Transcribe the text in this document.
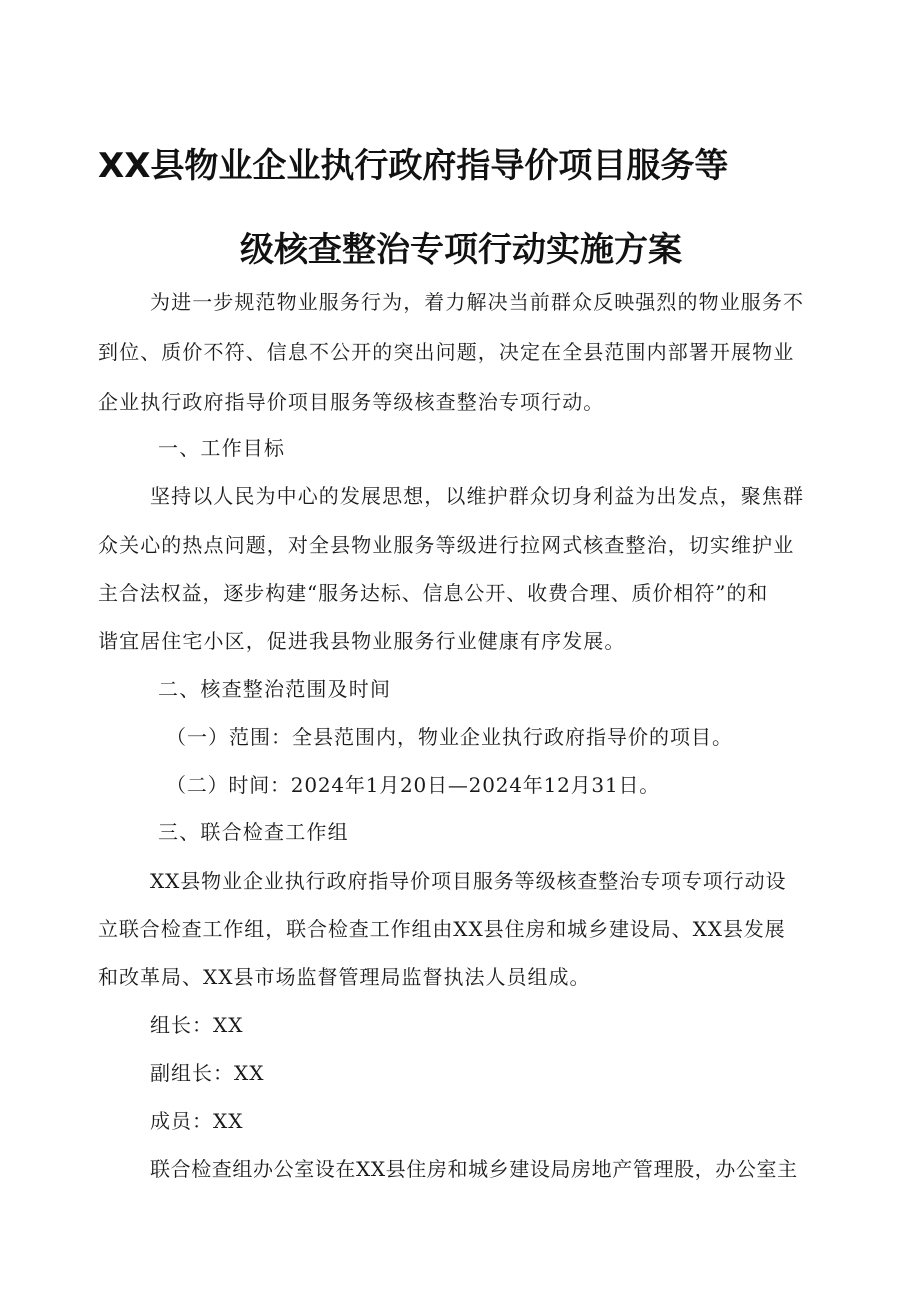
XX县物业企业执行政府指导价项目服务等
级核查整治专项行动实施方案
为进一步规范物业服务行为，着力解决当前群众反映强烈的物业服务不
到位、质价不符、信息不公开的突出问题，决定在全县范围内部署开展物业
企业执行政府指导价项目服务等级核查整治专项行动。
一、工作目标
坚持以人民为中心的发展思想，以维护群众切身利益为出发点，聚焦群
众关心的热点问题，对全县物业服务等级进行拉网式核查整治，切实维护业
主合法权益，逐步构建“服务达标、信息公开、收费合理、质价相符”的和
谐宜居住宅小区，促进我县物业服务行业健康有序发展。
二、核查整治范围及时间
（一）范围：全县范围内，物业企业执行政府指导价的项目。
（二）时间：2024年1月20日—2024年12月31日。
三、联合检查工作组
XX县物业企业执行政府指导价项目服务等级核查整治专项专项行动设
立联合检查工作组，联合检查工作组由XX县住房和城乡建设局、XX县发展
和改革局、XX县市场监督管理局监督执法人员组成。
组长：XX
副组长：XX
成员：XX
联合检查组办公室设在XX县住房和城乡建设局房地产管理股，办公室主
